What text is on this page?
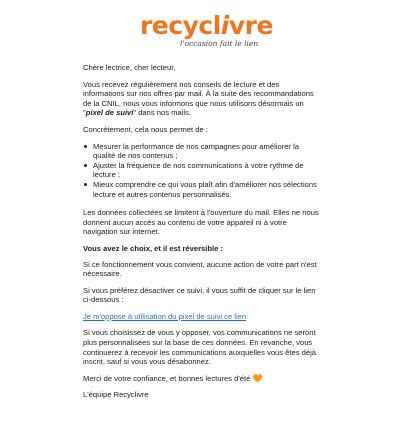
recyclivre
l'occasion fait le lien

Chère lectrice, cher lecteur,

Vous recevez régulièrement nos conseils de lecture et des informations sur nos offres par mail. À la suite des recommandations de la CNIL, nous vous informons que nous utilisons désormais un "pixel de suivi" dans nos mails.

Concrètement, cela nous permet de :

Mesurer la performance de nos campagnes pour améliorer la qualité de nos contenus ;
Ajuster la fréquence de nos communications à votre rythme de lecture ;
Mieux comprendre ce qui vous plaît afin d'améliorer nos sélections lecture et autres contenus personnalisés.

Les données collectées se limitent à l'ouverture du mail. Elles ne nous donnent aucun accès au contenu de votre appareil ni à votre navigation sur internet.

Vous avez le choix, et il est réversible :

Si ce fonctionnement vous convient, aucune action de votre part n'est nécessaire.

Si vous préférez désactiver ce suivi, il vous suffit de cliquer sur le lien ci-dessous :

Je m'oppose à utilisation du pixel de suivi ce lien

Si vous choisissez de vous y opposer, vos communications ne seront plus personnalisées sur la base de ces données. En revanche, vous continuerez à recevoir les communications auxquelles vous êtes déjà inscrit, sauf si vous vous désabonnez.

Merci de votre confiance, et bonnes lectures d'été 🧡

L'équipe Recyclivre
